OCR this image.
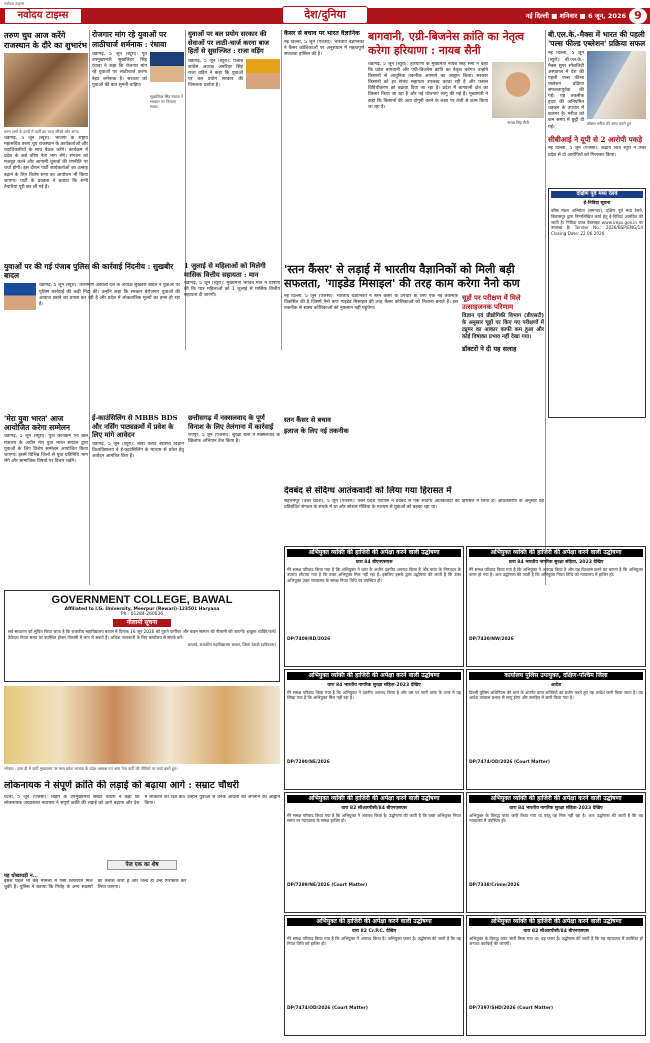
नवोदय टाइम्स
नवोदय टाइम्स	देश/दुनिया	नई दिल्ली ■ शनिवार ■ 6 जून, 2026 9
तरुण चुघ आज करेंगे राजस्थान के दौरे का शुभारंभ
करन शर्मा के हाथों में पार्टी का ध्वज सौंपते और अन्य।
चंडीगढ़, 5 जून (ब्यूरो): भाजपा के राष्ट्रीय महासचिव तरुण चुघ राजस्थान के कार्यकर्ताओं और पदाधिकारियों के साथ बैठक करेंगे। कार्यक्रम में प्रदेश के कई वरिष्ठ नेता भाग लेंगे। संगठन को मजबूत करने और आगामी चुनावों की रणनीति पर चर्चा होगी। इस दौरान पार्टी कार्यकर्ताओं का उत्साह बढ़ाने के लिए विशेष सभा का आयोजन भी किया जाएगा। पार्टी के प्रवक्ता ने बताया कि सभी तैयारियां पूरी कर ली गई हैं।
रोजगार मांग रहे युवाओं पर लाठीचार्ज शर्मनाक : रंधावा
चंडीगढ़, 5 जून (ब्यूरो): पूर्व उपमुख्यमंत्री सुखजिंदर सिंह रंधावा ने कहा कि रोजगार मांग रहे युवाओं पर लाठीचार्ज करना बेहद शर्मनाक है। सरकार को युवाओं की बात सुननी चाहिए।
सुखजिंदर सिंह रंधावा ने सरकार पर निशाना साधा।
युवाओं पर बल प्रयोग सरकार की सेवाओं पर लाठी-चार्ज करना बाज हितों से सुसज्जित : राजा वड़िंग
चंडीगढ़, 5 जून (ब्यूरो): पंजाब कांग्रेस अध्यक्ष अमरिंदर सिंह राजा वड़िंग ने कहा कि युवाओं पर बल प्रयोग सरकार की विफलता दर्शाता है।
कैंसर से बचाव पर भारत वैज्ञानिक
नई दिल्ली, 5 जून (एजेंसी): भारतीय वैज्ञानिकों ने कैंसर कोशिकाओं पर अनुसंधान में महत्वपूर्ण सफलता हासिल की है।
बागवानी, एग्री-बिजनेस क्रांति का नेतृत्व करेगा हरियाणा : नायब सैनी
चंडीगढ़, 5 जून (ब्यूरो): हरियाणा के मुख्यमंत्री नायब सिंह सैनी ने कहा कि प्रदेश बागवानी और एग्री-बिजनेस क्रांति का नेतृत्व करेगा। उन्होंने किसानों से आधुनिक तकनीक अपनाने का आह्वान किया। सरकार किसानों को हर संभव सहायता उपलब्ध करवा रही है और फसल विविधीकरण को बढ़ावा दिया जा रहा है। प्रदेश में बागवानी क्षेत्र का विस्तार किया जा रहा है और नई योजनाएं लागू की गई हैं। मुख्यमंत्री ने कहा कि किसानों की आय दोगुनी करने के लक्ष्य पर तेजी से काम किया जा रहा है।
नायब सिंह सैनी
बी.एल.के.-मैक्स में भारत की पहली 'पल्स फील्ड एब्लेशन' प्रक्रिया सफल
नई दिल्ली, 5 जून (ब्यूरो): बी.एल.के.-मैक्स सुपर स्पेशलिटी अस्पताल में देश की पहली पल्स फील्ड एब्लेशन प्रक्रिया सफलतापूर्वक की गई। यह तकनीक हृदय की अनियमित धड़कन के उपचार में कारगर है। मरीज को कम समय में छुट्टी दी गई।
डॉक्टर मरीज की जांच करते हुए
सीबीआई ने यूपी से 2 आरोपी पकड़े
नई दिल्ली, 5 जून (एजेंसी): केंद्रीय जांच ब्यूरो ने उत्तर प्रदेश से दो आरोपियों को गिरफ्तार किया।
दक्षिण पूर्व मध्य रेलवे
ई-निविदा सूचना
वरिष्ठ मंडल अभियंता (समन्वय), दक्षिण पूर्व मध्य रेलवे, बिलासपुर द्वारा निम्नलिखित कार्य हेतु ई-निविदा आमंत्रित की जाती है। निविदा प्रपत्र वेबसाइट www.ireps.gov.in पर उपलब्ध है। Tender No.: 2026/BSP/ENG/14 Closing Date: 22.06.2026
'स्तन कैंसर' से लड़ाई में भारतीय वैज्ञानिकों को मिली बड़ी
सफलता, 'गाइडेड मिसाइल' की तरह काम करेगा नैनो कण
नई दिल्ली, 5 जून (एजेंसी): भारतीय वैज्ञानिकों ने स्तन कैंसर के उपचार के लिए एक नई तकनीक विकसित की है जिसमें नैनो कण गाइडेड मिसाइल की तरह कैंसर कोशिकाओं को निशाना बनाते हैं। इस तकनीक से स्वस्थ कोशिकाओं को नुकसान नहीं पहुंचेगा।
स्तन कैंसर से बचाव
इलाज के लिए नई तकनीक
चूहों पर परीक्षण में मिले उत्साहजनक परिणाम
विज्ञान एवं प्रौद्योगिकी विभाग (डीएसटी) के अनुसार चूहों पर किए गए परीक्षणों में ट्यूमर का आकार काफी कम हुआ और कोई विषाक्त प्रभाव नहीं देखा गया।
डॉक्टरों ने दी यह सलाह
देवबंद से संदिग्ध आतंकवादी को लिया गया हिरासत में
सहारनपुर (उत्तर प्रदेश), 5 जून (एजेंसी): उत्तर प्रदेश एटीएस ने देवबंद से एक संदिग्ध आतंकवादी को हिरासत में लिया है। अधिकारियों के अनुसार वह प्रतिबंधित संगठन के संपर्क में था और सोशल मीडिया के माध्यम से युवाओं को बहका रहा था।
युवाओं पर की गई पंजाब पुलिस की कार्रवाई निंदनीय : सुखबीर बादल
चंडीगढ़, 5 जून (ब्यूरो): शिरोमणि अकाली दल के अध्यक्ष सुखबीर बादल ने युवाओं पर पुलिस कार्रवाई की कड़ी निंदा की। उन्होंने कहा कि सरकार बेरोजगार युवाओं की आवाज दबाने का प्रयास कर रही है और प्रदेश में लोकतांत्रिक मूल्यों का हनन हो रहा है।
1 जुलाई से महिलाओं को मिलेगी मासिक वित्तीय सहायता : मान
चंडीगढ़, 5 जून (ब्यूरो): मुख्यमंत्री भगवंत मान ने घोषणा की कि पात्र महिलाओं को 1 जुलाई से मासिक वित्तीय सहायता दी जाएगी।
'मेरा युवा भारत' आज आयोजित करेगा सम्मेलन
चंडीगढ़, 5 जून (ब्यूरो): युवा कार्यक्रम एवं खेल मंत्रालय के अधीन मेरा युवा भारत संगठन द्वारा युवाओं के लिए विशेष सम्मेलन आयोजित किया जाएगा। इसमें विभिन्न जिलों से युवा प्रतिनिधि भाग लेंगे और सामाजिक विषयों पर विचार रखेंगे।
ई-काउंसिलिंग से MBBS BDS और नर्सिंग पाठ्यक्रमों में प्रवेश के लिए मांगे आवेदन
चंडीगढ़, 5 जून (ब्यूरो): बाबा फरीद स्वास्थ्य विज्ञान विश्वविद्यालय ने ई-काउंसिलिंग के माध्यम से प्रवेश हेतु आवेदन आमंत्रित किए हैं।
छत्तीसगढ़ में नक्सलवाद के पूर्ण विनाश के लिए तेलंगाना में कार्रवाई
रायपुर, 5 जून (एजेंसी): सुरक्षा बलों ने नक्सलवाद के खिलाफ अभियान तेज किया है।
GOVERNMENT COLLEGE, BAWAL
Affiliated to I.G. University, Meerpur (Rewari)-123501 Haryana
Ph.: 01284-260036
नीलामी सूचना
सर्व साधारण को सूचित किया जाता है कि राजकीय महाविद्यालय बावल में दिनांक 16 जून 2026 को पुराने फर्नीचर और कंडम सामान की नीलामी की जाएगी। इच्छुक व्यक्ति/फर्म/ठेकेदार नियत समय पर उपस्थित होकर नीलामी में भाग ले सकते हैं। अधिक जानकारी के लिए कार्यालय से संपर्क करें।
प्राचार्य, राजकीय महाविद्यालय बावल, जिला रेवाड़ी (हरियाणा)
भोपाल : हाल ही में पार्टी मुख्यालय पर मध्य प्रदेश भाजपा के प्रदेश अध्यक्ष एवं अन्य नेता पार्टी की नीतियों पर चर्चा करते हुए।
लोकनायक ने संपूर्ण क्रांति की लड़ाई को बढ़ाया आगे : सम्राट चौधरी
पटना, 5 जून (एजेंसी): बिहार के उपमुख्यमंत्री सम्राट चौधरी ने कहा कि लोकनायक जयप्रकाश नारायण ने संपूर्ण क्रांति की लड़ाई को आगे बढ़ाया और देश में लोकतंत्र की रक्षा की। उन्होंने युवाओं से उनके आदर्शों को अपनाने का आह्वान किया।
पेज एक का शेष
यह धोखाधड़ी न...
इससे पहले भी कई मामलों में ऐसी शिकायतें मिल चुकी हैं। पुलिस ने बताया कि गिरोह के अन्य सदस्यों की तलाश जारी है और जल्द ही उन्हें गिरफ्तार कर लिया जाएगा।
अभियुक्त व्यक्ति की हाजिरी की अपेक्षा करने वाली उद्घोषणा
धारा 84 बीएनएसएस
मेरे समक्ष परिवाद किया गया है कि अभियुक्त ने धारा के अधीन दंडनीय अपराध किया है और वारंट के निष्पादन के उपरांत लौटाया गया है कि उक्त अभियुक्त मिल नहीं रहा है। इसलिए इसके द्वारा उद्घोषणा की जाती है कि उक्त अभियुक्त उक्त न्यायालय के समक्ष नियत तिथि पर उपस्थित हो।
DP/7409/RD/2026
अभियुक्त व्यक्ति की हाजिरी की अपेक्षा करने वाली उद्घोषणा
धारा 84 भारतीय नागरिक सुरक्षा संहिता, 2023 देखिए
मेरे समक्ष परिवाद किया गया है कि अभियुक्त ने अपराध किया है और यह विश्वास करने का कारण है कि अभियुक्त फरार हो गया है। अतः उद्घोषणा की जाती है कि अभियुक्त नियत तिथि को न्यायालय में हाजिर हो।
DP/7430/NW/2026
अभियुक्त व्यक्ति की हाजिरी की अपेक्षा करने वाली उद्घोषणा
धारा 84 भारतीय नागरिक सुरक्षा संहिता-2023 देखिए
मेरे समक्ष परिवाद किया गया है कि अभियुक्त ने दंडनीय अपराध किया है और उस पर जारी वारंट के उत्तर में यह लिखा गया है कि अभियुक्त मिल नहीं रहा है।
DP/7290/NE/2026
कार्यालय पुलिस उपायुक्त, दक्षिण-पश्चिम जिला
आदेश
दिल्ली पुलिस अधिनियम की धारा के अंतर्गत प्राप्त शक्तियों का प्रयोग करते हुए यह आदेश जारी किया जाता है। यह आदेश तत्काल प्रभाव से लागू होगा और जनहित में जारी किया गया है।
DP/7474/OD/2026 (Court Matter)
अभियुक्त व्यक्ति की हाजिरी की अपेक्षा करने वाली उद्घोषणा
धारा 82 सीआरपीसी/84 बीएनएसएस
मेरे समक्ष परिवाद किया गया है कि अभियुक्त ने अपराध किया है। उद्घोषणा की जाती है कि उक्त अभियुक्त नियत समय पर न्यायालय के समक्ष हाजिर हो।
DP/7289/NE/2026 (Court Matter)
अभियुक्त व्यक्ति की हाजिरी की अपेक्षा करने वाली उद्घोषणा
धारा 84 भारतीय नागरिक सुरक्षा संहिता-2023 देखिए
अभियुक्त के विरुद्ध वारंट जारी किया गया था परंतु वह मिल नहीं रहा है। अतः उद्घोषणा की जाती है कि वह न्यायालय में उपस्थित हो।
DP/7338/Crime/2026
अभियुक्त की हाजिरी की अपेक्षा करने वाली उद्घोषणा
धारा 82 Cr.P.C. देखिए
मेरे समक्ष परिवाद किया गया है कि अभियुक्त ने अपराध किया है। अभियुक्त फरार है। उद्घोषणा की जाती है कि वह नियत तिथि को हाजिर हो।
DP/7474/OD/2026 (Court Matter)
अभियुक्त व्यक्ति की हाजिरी की अपेक्षा करने वाली उद्घोषणा
धारा 82 सीआरपीसी/84 बीएनएसएस
अभियुक्त के विरुद्ध वारंट जारी किया गया था। वह फरार है। उद्घोषणा की जाती है कि वह न्यायालय में उपस्थित हो अन्यथा कार्रवाई की जाएगी।
DP/7397/SHD/2026 (Court Matter)
